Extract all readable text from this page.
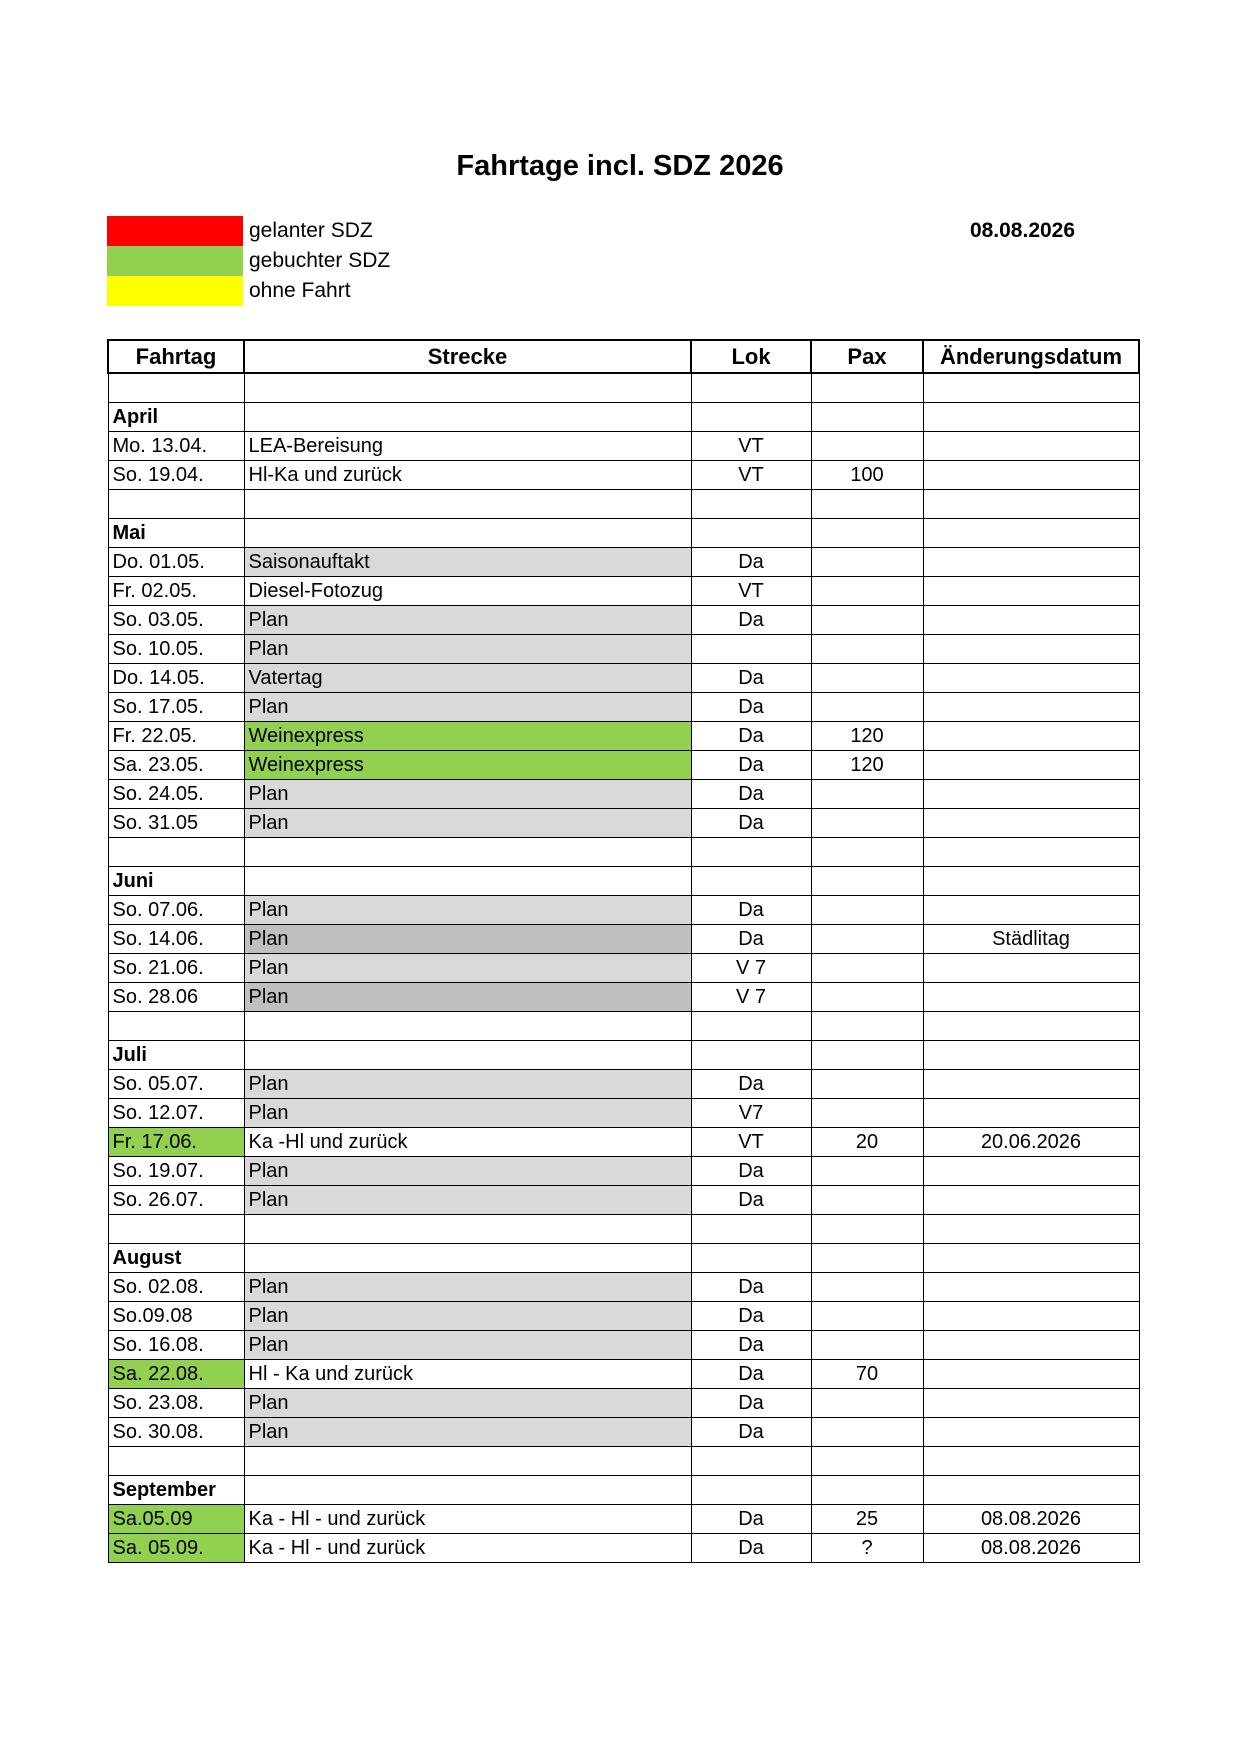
Fahrtage incl. SDZ 2026
gelanter SDZ
gebuchter SDZ
ohne Fahrt
08.08.2026
Fahrtag	Strecke	Lok	Pax	Änderungsdatum

April				
Mo. 13.04.	LEA-Bereisung	VT		
So. 19.04.	Hl-Ka und zurück	VT	100	

Mai				
Do. 01.05.	Saisonauftakt	Da		
Fr. 02.05.	Diesel-Fotozug	VT		
So. 03.05.	Plan	Da		
So. 10.05.	Plan			
Do. 14.05.	Vatertag	Da		
So. 17.05.	Plan	Da		
Fr. 22.05.	Weinexpress	Da	120	
Sa. 23.05.	Weinexpress	Da	120	
So. 24.05.	Plan	Da		
So. 31.05	Plan	Da		

Juni				
So. 07.06.	Plan	Da		
So. 14.06.	Plan	Da		Städlitag
So. 21.06.	Plan	V 7		
So. 28.06	Plan	V 7		

Juli				
So. 05.07.	Plan	Da		
So. 12.07.	Plan	V7		
Fr. 17.06.	Ka -Hl und zurück	VT	20	20.06.2026
So. 19.07.	Plan	Da		
So. 26.07.	Plan	Da		

August				
So. 02.08.	Plan	Da		
So.09.08	Plan	Da		
So. 16.08.	Plan	Da		
Sa. 22.08.	Hl - Ka und zurück	Da	70	
So. 23.08.	Plan	Da		
So. 30.08.	Plan	Da		

September				
Sa.05.09	Ka - Hl - und zurück	Da	25	08.08.2026
Sa. 05.09.	Ka - Hl - und zurück	Da	?	08.08.2026
